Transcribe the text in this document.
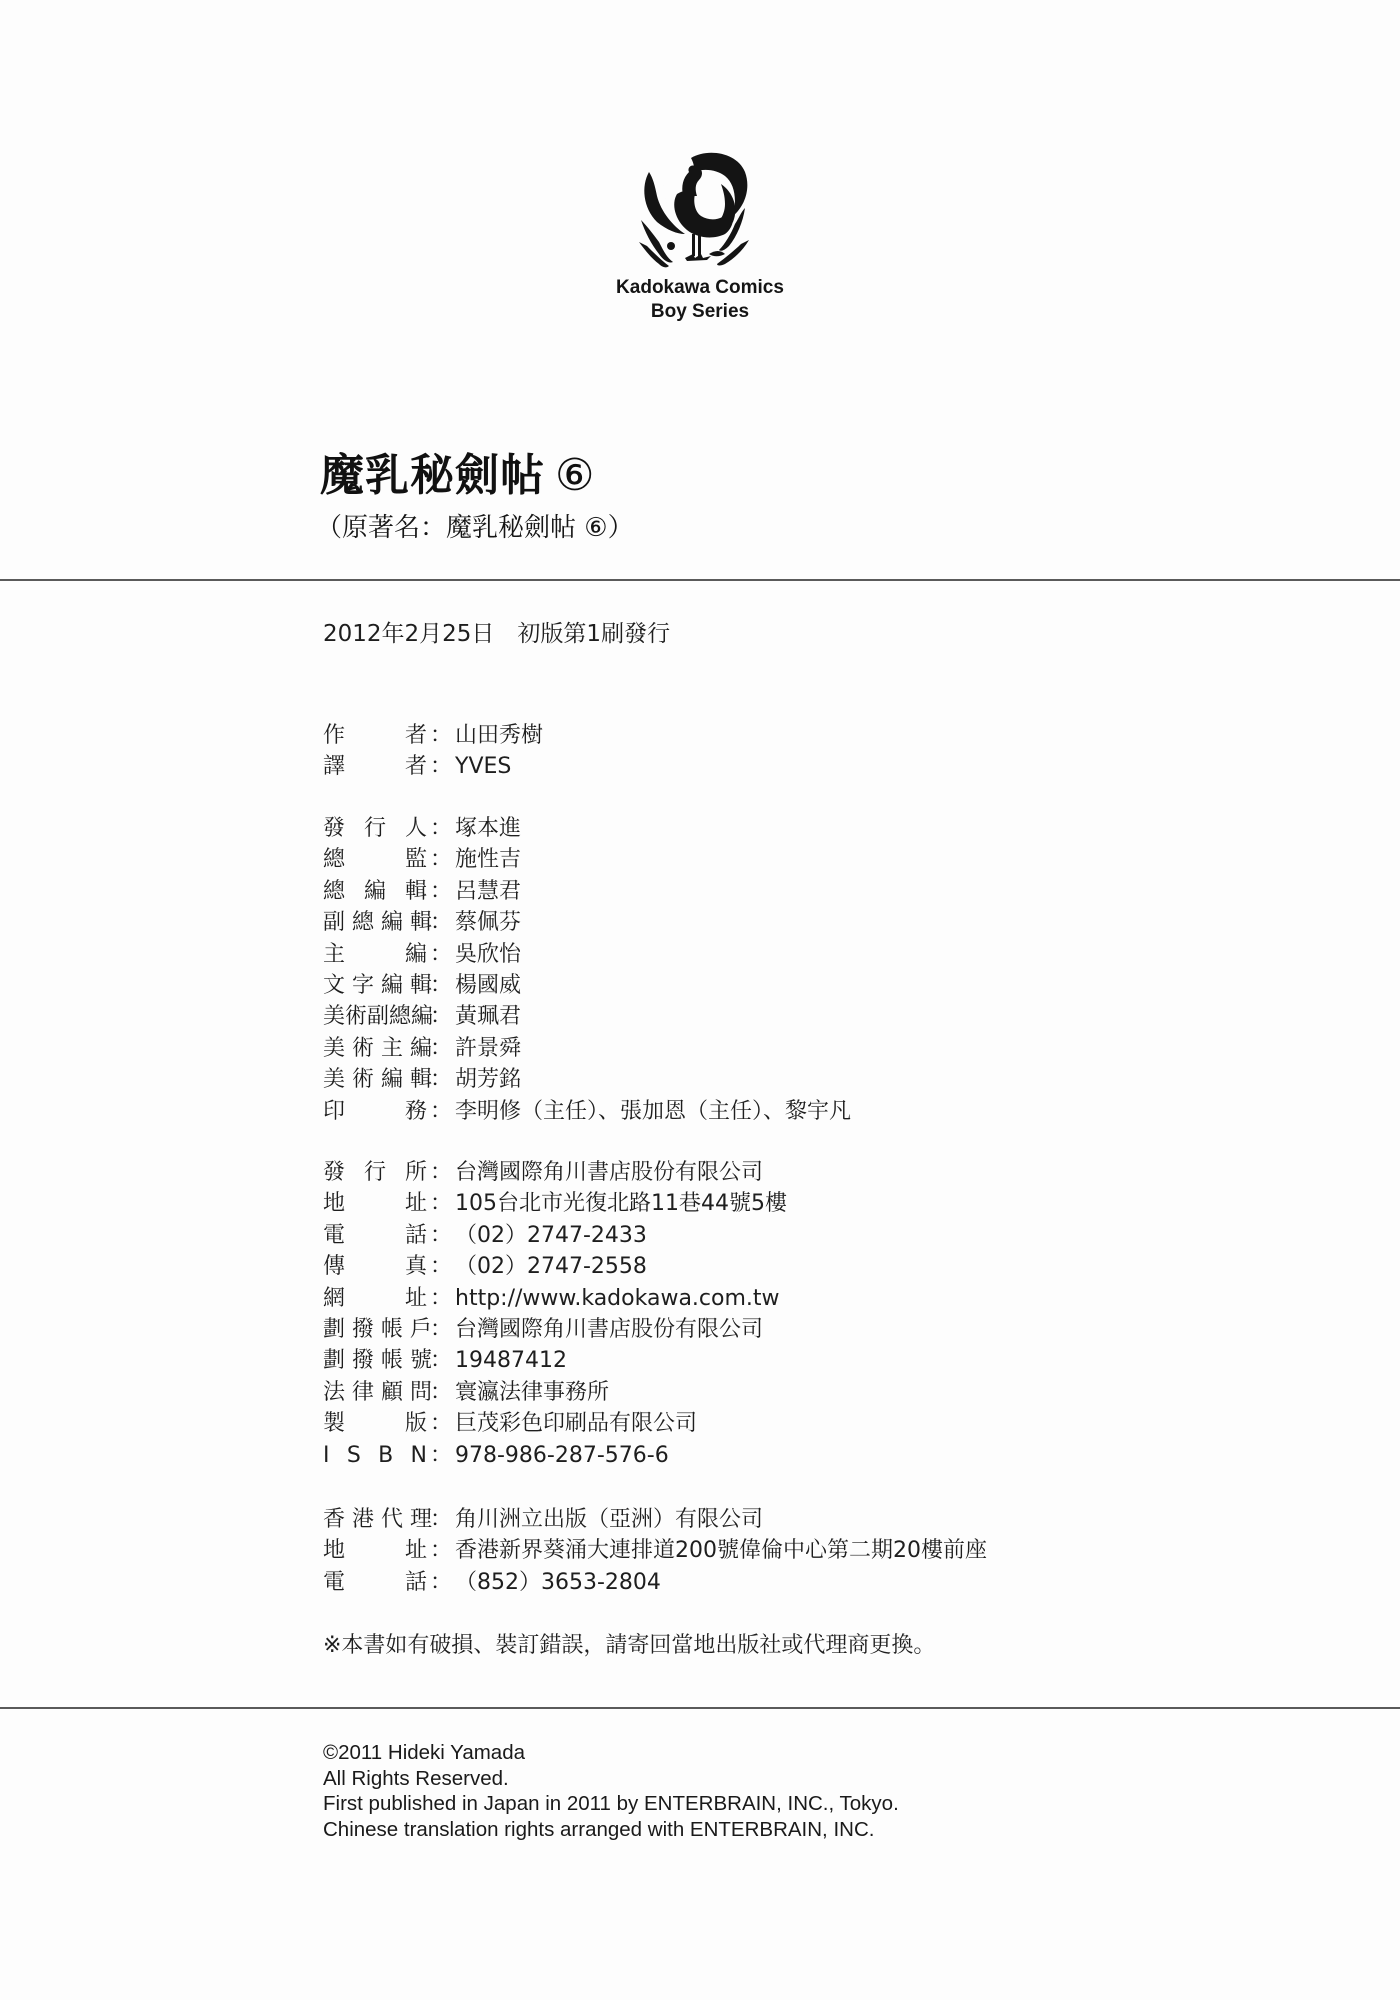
Kadokawa Comics
Boy Series
魔乳秘劍帖 ⑥
（原著名：魔乳秘劍帖 ⑥）
2012年2月25日　初版第1刷發行
作 者 ： 山田秀樹
譯 者 ： YVES
發 行 人 ： 塚本進
總 監 ： 施性吉
總 編 輯 ： 呂慧君
副 總 編 輯
： 蔡佩芬
主 編 ： 吳欣怡
文 字 編 輯
： 楊國威
美術副總編
： 黃珮君
美 術 主 編
： 許景舜
美 術 編 輯
： 胡芳銘
印 務 ： 李明修（主任）、張加恩（主任）、黎宇凡
發 行 所 ： 台灣國際角川書店股份有限公司
地 址 ： 105台北市光復北路11巷44號5樓
電 話 ： （02）2747-2433
傳 真 ： （02）2747-2558
網 址 ： http://www.kadokawa.com.tw
劃 撥 帳 戶
： 台灣國際角川書店股份有限公司
劃 撥 帳 號
： 19487412
法 律 顧 問
： 寰瀛法律事務所
製 版 ： 巨茂彩色印刷品有限公司
I S B N ： 978-986-287-576-6
香 港 代 理
： 角川洲立出版（亞洲）有限公司
地 址 ： 香港新界葵涌大連排道200號偉倫中心第二期20樓前座
電 話 ： （852）3653-2804
※本書如有破損、裝訂錯誤，請寄回當地出版社或代理商更換。
©2011 Hideki Yamada
All Rights Reserved.
First published in Japan in 2011 by ENTERBRAIN, INC., Tokyo.
Chinese translation rights arranged with ENTERBRAIN, INC.
